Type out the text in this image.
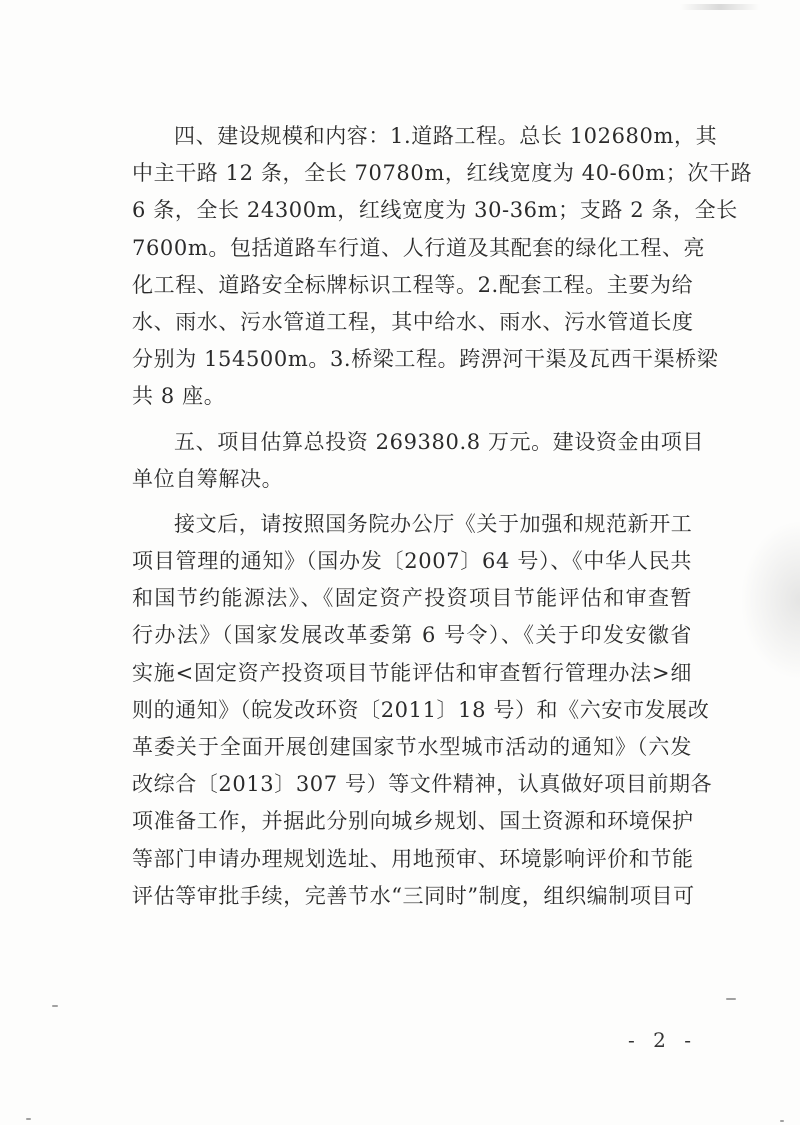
四、建设规模和内容：1.道路工程。总长 102680m，其
中主干路 12 条，全长 70780m，红线宽度为 40-60m；次干路
6 条，全长 24300m，红线宽度为 30-36m；支路 2 条，全长
7600m。包括道路车行道、人行道及其配套的绿化工程、亮
化工程、道路安全标牌标识工程等。2.配套工程。主要为给
水、雨水、污水管道工程，其中给水、雨水、污水管道长度
分别为 154500m。3.桥梁工程。跨淠河干渠及瓦西干渠桥梁
共 8 座。
五、项目估算总投资 269380.8 万元。建设资金由项目
单位自筹解决。
接文后，请按照国务院办公厅《关于加强和规范新开工
项目管理的通知》（国办发〔2007〕64 号）、《中华人民共
和国节约能源法》、《固定资产投资项目节能评估和审查暂
行办法》（国家发展改革委第 6 号令）、《关于印发安徽省
实施<固定资产投资项目节能评估和审查暂行管理办法>细
则的通知》（皖发改环资〔2011〕18 号）和《六安市发展改
革委关于全面开展创建国家节水型城市活动的通知》（六发
改综合〔2013〕307 号）等文件精神，认真做好项目前期各
项准备工作，并据此分别向城乡规划、国土资源和环境保护
等部门申请办理规划选址、用地预审、环境影响评价和节能
评估等审批手续，完善节水“三同时”制度，组织编制项目可
- 2 -
